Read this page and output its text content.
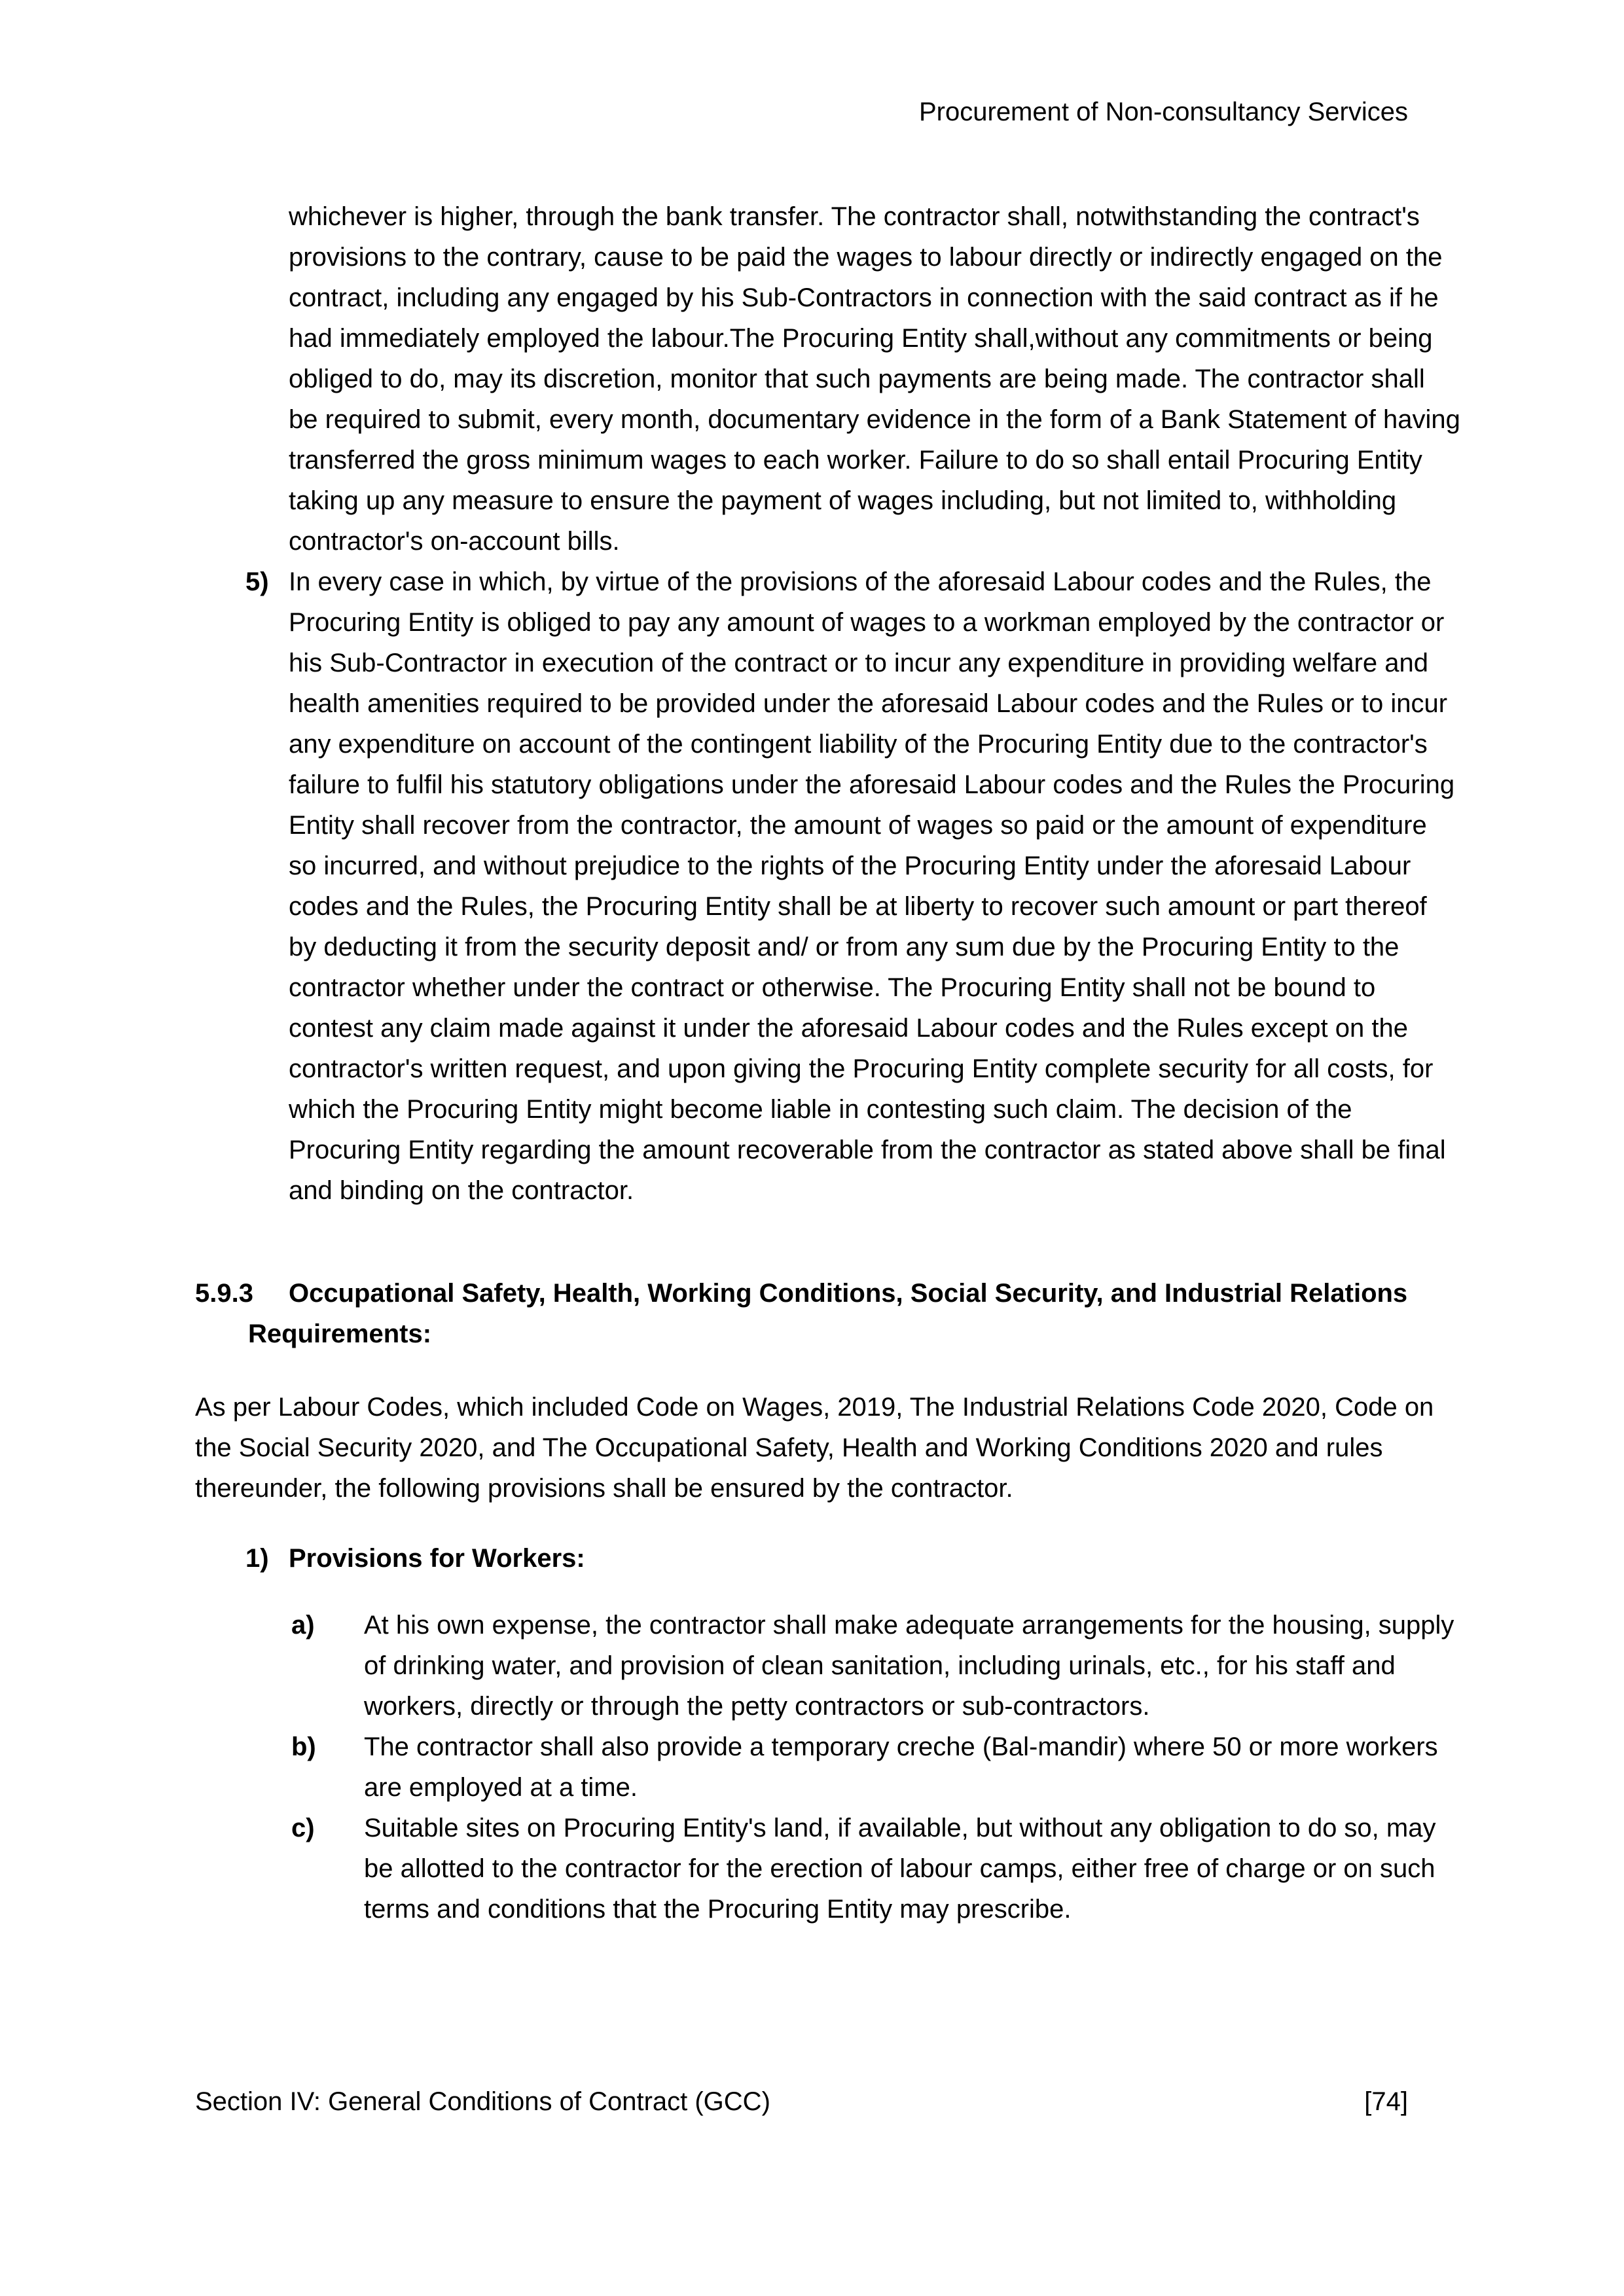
Procurement of Non-consultancy Services

whichever is higher, through the bank transfer. The contractor shall, notwithstanding the contract's provisions to the contrary, cause to be paid the wages to labour directly or indirectly engaged on the contract, including any engaged by his Sub-Contractors in connection with the said contract as if he had immediately employed the labour.The Procuring Entity shall,without any commitments or being obliged to do, may its discretion, monitor that such payments are being made. The contractor shall be required to submit, every month, documentary evidence in the form of a Bank Statement of having transferred the gross minimum wages to each worker. Failure to do so shall entail Procuring Entity taking up any measure to ensure the payment of wages including, but not limited to, withholding contractor's on-account bills.

5) In every case in which, by virtue of the provisions of the aforesaid Labour codes and the Rules, the Procuring Entity is obliged to pay any amount of wages to a workman employed by the contractor or his Sub-Contractor in execution of the contract or to incur any expenditure in providing welfare and health amenities required to be provided under the aforesaid Labour codes and the Rules or to incur any expenditure on account of the contingent liability of the Procuring Entity due to the contractor's failure to fulfil his statutory obligations under the aforesaid Labour codes and the Rules the Procuring Entity shall recover from the contractor, the amount of wages so paid or the amount of expenditure so incurred, and without prejudice to the rights of the Procuring Entity under the aforesaid Labour codes and the Rules, the Procuring Entity shall be at liberty to recover such amount or part thereof by deducting it from the security deposit and/ or from any sum due by the Procuring Entity to the contractor whether under the contract or otherwise. The Procuring Entity shall not be bound to contest any claim made against it under the aforesaid Labour codes and the Rules except on the contractor's written request, and upon giving the Procuring Entity complete security for all costs, for which the Procuring Entity might become liable in contesting such claim. The decision of the Procuring Entity regarding the amount recoverable from the contractor as stated above shall be final and binding on the contractor.
5.9.3	Occupational Safety, Health, Working Conditions, Social Security, and Industrial Relations Requirements:

As per Labour Codes, which included Code on Wages, 2019, The Industrial Relations Code 2020, Code on the Social Security 2020, and The Occupational Safety, Health and Working Conditions 2020 and rules thereunder, the following provisions shall be ensured by the contractor.

1) Provisions for Workers:
a)	At his own expense, the contractor shall make adequate arrangements for the housing, supply of drinking water, and provision of clean sanitation, including urinals, etc., for his staff and workers, directly or through the petty contractors or sub-contractors.
b)	The contractor shall also provide a temporary creche (Bal-mandir) where 50 or more workers are employed at a time.
c)	Suitable sites on Procuring Entity's land, if available, but without any obligation to do so, may be allotted to the contractor for the erection of labour camps, either free of charge or on such terms and conditions that the Procuring Entity may prescribe.
Section IV: General Conditions of Contract (GCC)	[74]
